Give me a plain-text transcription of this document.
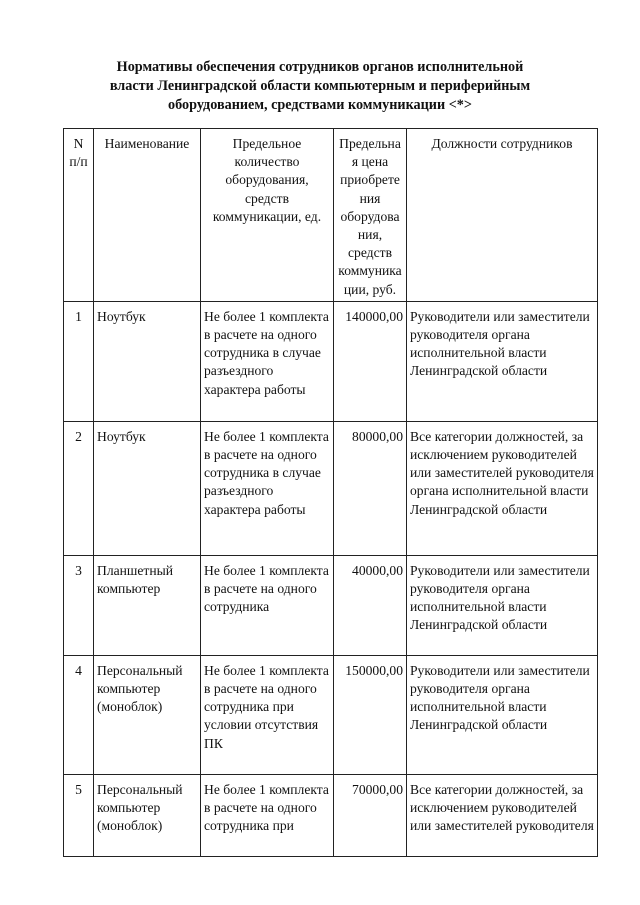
Нормативы обеспечения сотрудников органов исполнительной
власти Ленинградской области компьютерным и периферийным
оборудованием, средствами коммуникации <*>
N п/п	Наименование	Предельное количество оборудования, средств коммуникации, ед.	Предельная цена приобретения оборудования, средств коммуникации, руб.	Должности сотрудников
1	Ноутбук	Не более 1 комплекта в расчете на одного сотрудника в случае разъездного характера работы	140000,00	Руководители или заместители руководителя органа исполнительной власти Ленинградской области
2	Ноутбук	Не более 1 комплекта в расчете на одного сотрудника в случае разъездного характера работы	80000,00	Все категории должностей, за исключением руководителей или заместителей руководителя органа исполнительной власти Ленинградской области
3	Планшетный компьютер	Не более 1 комплекта в расчете на одного сотрудника	40000,00	Руководители или заместители руководителя органа исполнительной власти Ленинградской области
4	Персональный компьютер (моноблок)	Не более 1 комплекта в расчете на одного сотрудника при условии отсутствия ПК	150000,00	Руководители или заместители руководителя органа исполнительной власти Ленинградской области
5	Персональный компьютер (моноблок)	Не более 1 комплекта в расчете на одного сотрудника при	70000,00	Все категории должностей, за исключением руководителей или заместителей руководителя
